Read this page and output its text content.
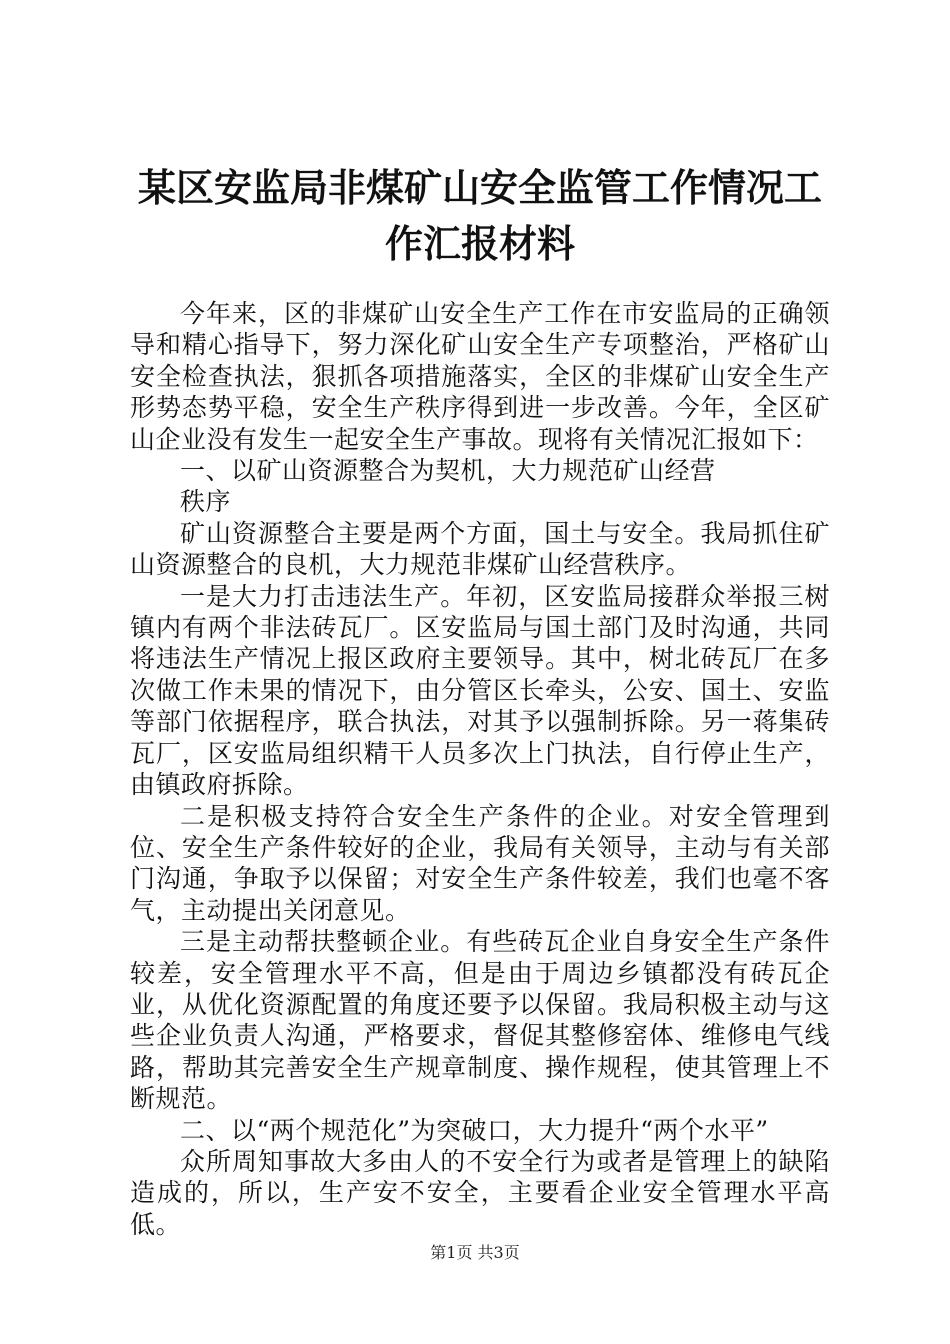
某区安监局非煤矿山安全监管工作情况工作汇报材料

今年来，区的非煤矿山安全生产工作在市安监局的正确领导和精心指导下，努力深化矿山安全生产专项整治，严格矿山安全检查执法，狠抓各项措施落实，全区的非煤矿山安全生产形势态势平稳，安全生产秩序得到进一步改善。今年，全区矿山企业没有发生一起安全生产事故。现将有关情况汇报如下：

一、以矿山资源整合为契机，大力规范矿山经营

秩序

矿山资源整合主要是两个方面，国土与安全。我局抓住矿山资源整合的良机，大力规范非煤矿山经营秩序。

一是大力打击违法生产。年初，区安监局接群众举报三树镇内有两个非法砖瓦厂。区安监局与国土部门及时沟通，共同将违法生产情况上报区政府主要领导。其中，树北砖瓦厂在多次做工作未果的情况下，由分管区长牵头，公安、国土、安监等部门依据程序，联合执法，对其予以强制拆除。另一蒋集砖瓦厂，区安监局组织精干人员多次上门执法，自行停止生产，由镇政府拆除。

二是积极支持符合安全生产条件的企业。对安全管理到位、安全生产条件较好的企业，我局有关领导，主动与有关部门沟通，争取予以保留；对安全生产条件较差，我们也毫不客气，主动提出关闭意见。

三是主动帮扶整顿企业。有些砖瓦企业自身安全生产条件较差，安全管理水平不高，但是由于周边乡镇都没有砖瓦企业，从优化资源配置的角度还要予以保留。我局积极主动与这些企业负责人沟通，严格要求，督促其整修窑体、维修电气线路，帮助其完善安全生产规章制度、操作规程，使其管理上不断规范。

二、以“两个规范化”为突破口，大力提升“两个水平”

众所周知事故大多由人的不安全行为或者是管理上的缺陷造成的，所以，生产安不安全，主要看企业安全管理水平高低。

第1页 共3页
